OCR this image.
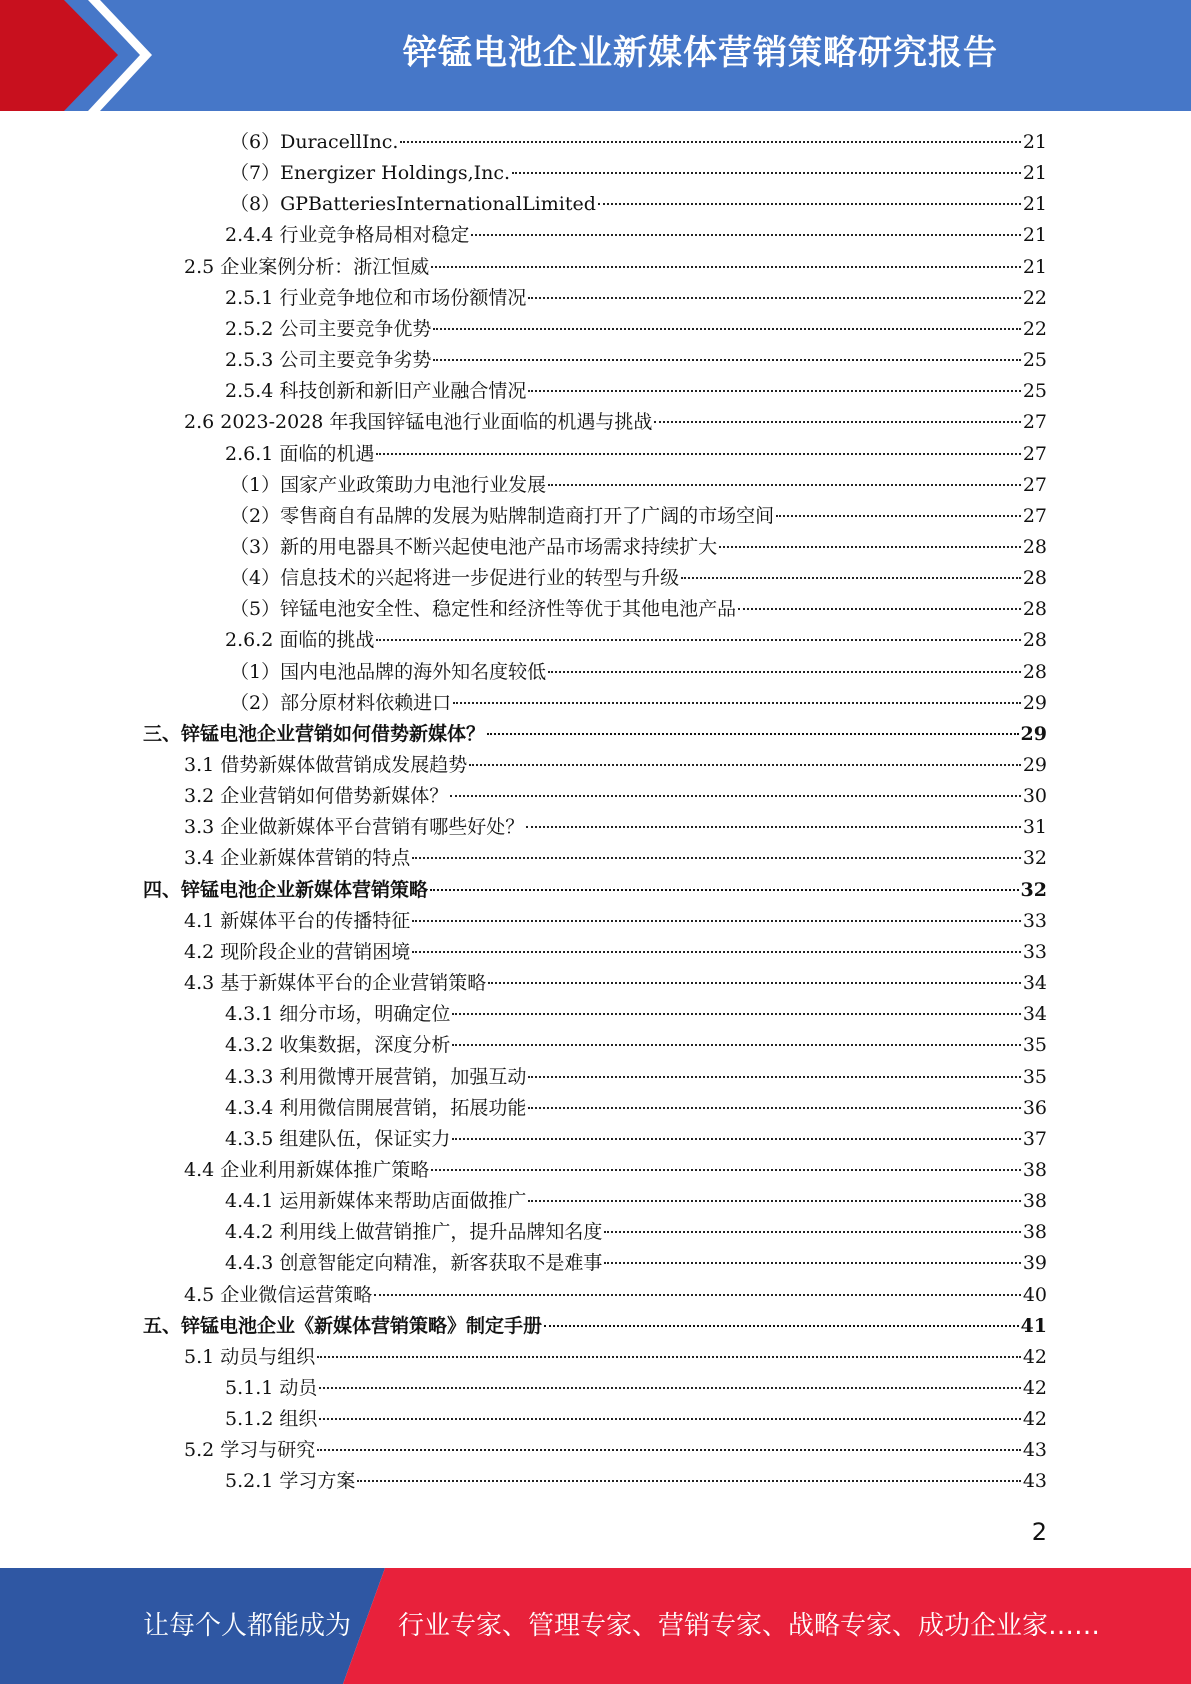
锌锰电池企业新媒体营销策略研究报告
（6）DuracellInc.	21
（7）Energizer Holdings,Inc.	21
（8）GPBatteriesInternationalLimited	21
2.4.4 行业竞争格局相对稳定	21
2.5 企业案例分析：浙江恒威	21
2.5.1 行业竞争地位和市场份额情况	22
2.5.2 公司主要竞争优势	22
2.5.3 公司主要竞争劣势	25
2.5.4 科技创新和新旧产业融合情况	25
2.6 2023-2028 年我国锌锰电池行业面临的机遇与挑战	27
2.6.1 面临的机遇	27
（1）国家产业政策助力电池行业发展	27
（2）零售商自有品牌的发展为贴牌制造商打开了广阔的市场空间	27
（3）新的用电器具不断兴起使电池产品市场需求持续扩大	28
（4）信息技术的兴起将进一步促进行业的转型与升级	28
（5）锌锰电池安全性、稳定性和经济性等优于其他电池产品	28
2.6.2 面临的挑战	28
（1）国内电池品牌的海外知名度较低	28
（2）部分原材料依赖进口	29
三、锌锰电池企业营销如何借势新媒体？	29
3.1 借势新媒体做营销成发展趋势	29
3.2 企业营销如何借势新媒体？	30
3.3 企业做新媒体平台营销有哪些好处？	31
3.4 企业新媒体营销的特点	32
四、锌锰电池企业新媒体营销策略	32
4.1 新媒体平台的传播特征	33
4.2 现阶段企业的营销困境	33
4.3 基于新媒体平台的企业营销策略	34
4.3.1 细分市场，明确定位	34
4.3.2 收集数据，深度分析	35
4.3.3 利用微博开展营销，加强互动	35
4.3.4 利用微信開展营销，拓展功能	36
4.3.5 组建队伍，保证实力	37
4.4 企业利用新媒体推广策略	38
4.4.1 运用新媒体来帮助店面做推广	38
4.4.2 利用线上做营销推广，提升品牌知名度	38
4.4.3 创意智能定向精准，新客获取不是难事	39
4.5 企业微信运营策略	40
五、锌锰电池企业《新媒体营销策略》制定手册	41
5.1 动员与组织	42
5.1.1 动员	42
5.1.2 组织	42
5.2 学习与研究	43
5.2.1 学习方案	43
2
让每个人都能成为 行业专家、管理专家、营销专家、战略专家、成功企业家……
